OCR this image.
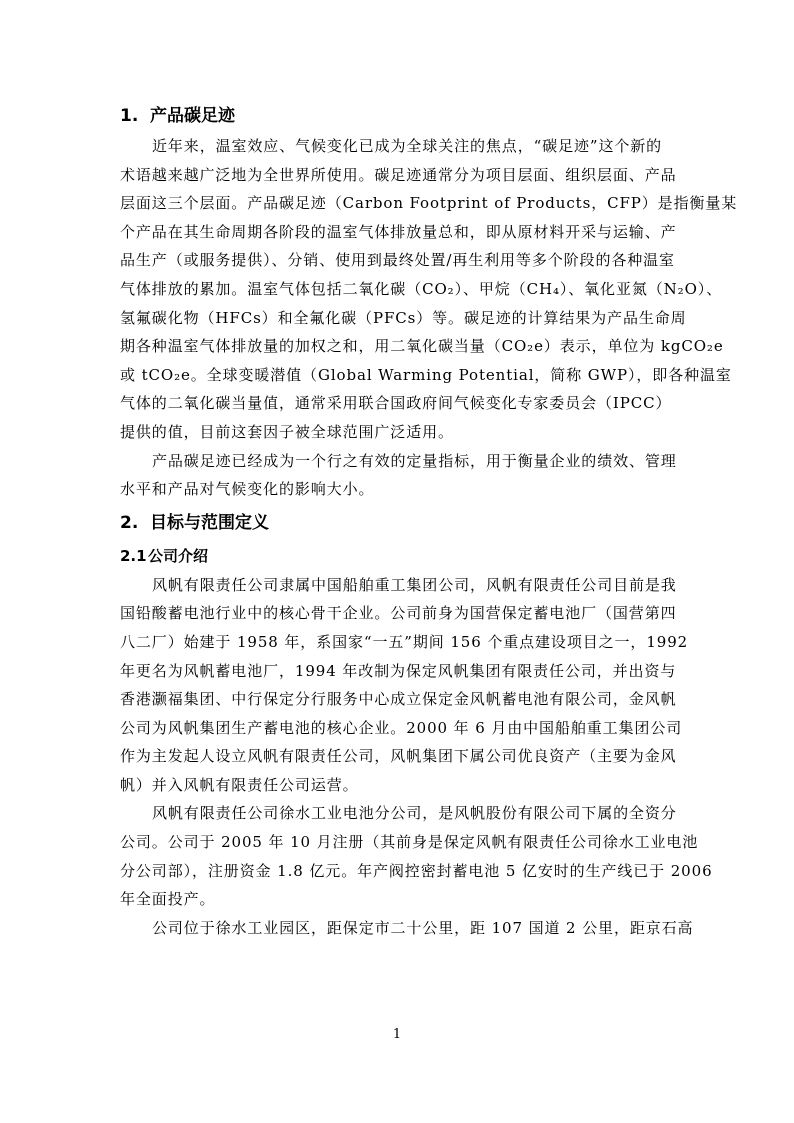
1. 产品碳足迹
近年来，温室效应、气候变化已成为全球关注的焦点，“碳足迹”这个新的
术语越来越广泛地为全世界所使用。碳足迹通常分为项目层面、组织层面、产品
层面这三个层面。产品碳足迹（Carbon Footprint of Products，CFP）是指衡量某
个产品在其生命周期各阶段的温室气体排放量总和，即从原材料开采与运输、产
品生产（或服务提供）、分销、使用到最终处置/再生利用等多个阶段的各种温室
气体排放的累加。温室气体包括二氧化碳（CO₂）、甲烷（CH₄）、氧化亚氮（N₂O）、
氢氟碳化物（HFCs）和全氟化碳（PFCs）等。碳足迹的计算结果为产品生命周
期各种温室气体排放量的加权之和，用二氧化碳当量（CO₂e）表示，单位为 kgCO₂e
或 tCO₂e。全球变暖潜值（Global Warming Potential，简称 GWP），即各种温室
气体的二氧化碳当量值，通常采用联合国政府间气候变化专家委员会（IPCC）
提供的值，目前这套因子被全球范围广泛适用。
产品碳足迹已经成为一个行之有效的定量指标，用于衡量企业的绩效、管理
水平和产品对气候变化的影响大小。
2. 目标与范围定义
2.1公司介绍
风帆有限责任公司隶属中国船舶重工集团公司，风帆有限责任公司目前是我
国铅酸蓄电池行业中的核心骨干企业。公司前身为国营保定蓄电池厂（国营第四
八二厂）始建于 1958 年，系国家“一五”期间 156 个重点建设项目之一，1992
年更名为风帆蓄电池厂，1994 年改制为保定风帆集团有限责任公司，并出资与
香港灏福集团、中行保定分行服务中心成立保定金风帆蓄电池有限公司，金风帆
公司为风帆集团生产蓄电池的核心企业。2000 年 6 月由中国船舶重工集团公司
作为主发起人设立风帆有限责任公司，风帆集团下属公司优良资产（主要为金风
帆）并入风帆有限责任公司运营。
风帆有限责任公司徐水工业电池分公司，是风帆股份有限公司下属的全资分
公司。公司于 2005 年 10 月注册（其前身是保定风帆有限责任公司徐水工业电池
分公司部），注册资金 1.8 亿元。年产阀控密封蓄电池 5 亿安时的生产线已于 2006
年全面投产。
公司位于徐水工业园区，距保定市二十公里，距 107 国道 2 公里，距京石高
1
